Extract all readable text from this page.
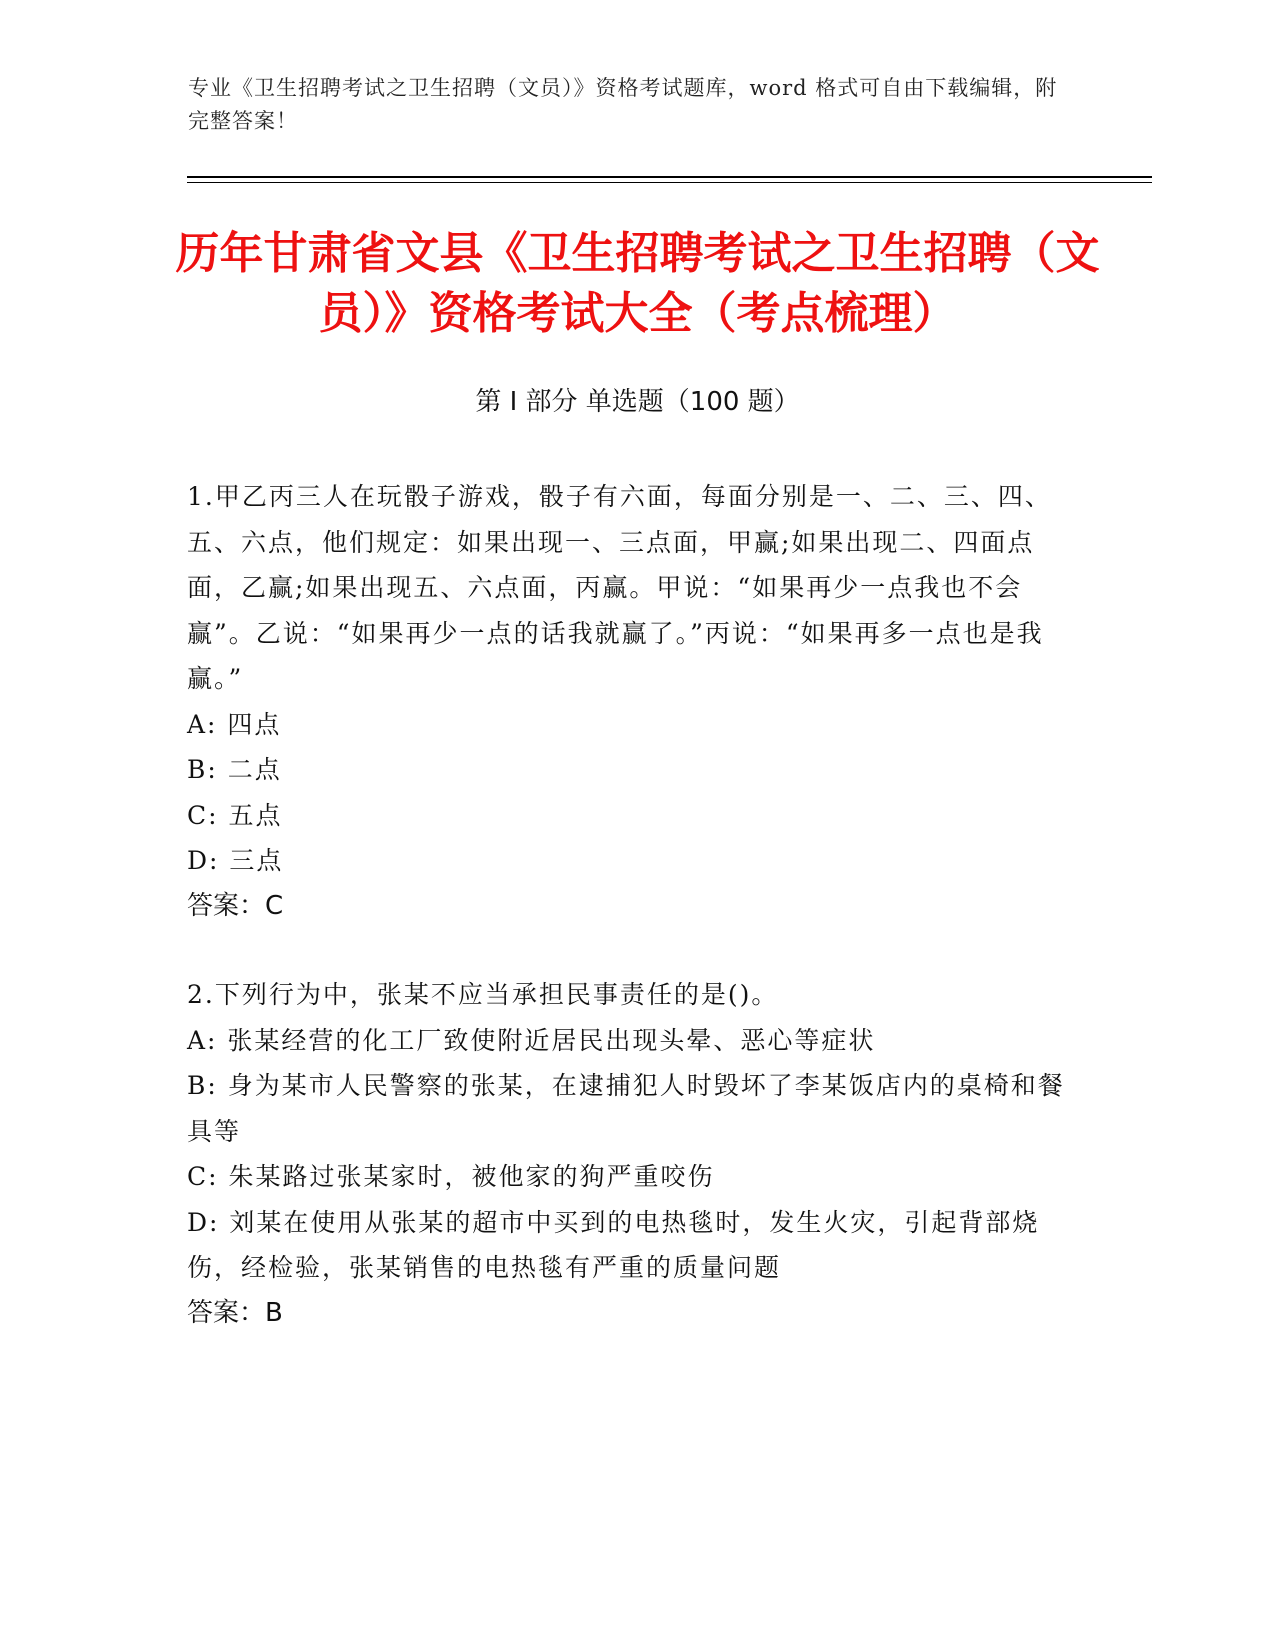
专业《卫生招聘考试之卫生招聘（文员）》资格考试题库，word 格式可自由下载编辑，附完整答案！
历年甘肃省文县《卫生招聘考试之卫生招聘（文员）》资格考试大全（考点梳理）
第 I 部分 单选题（100 题）
1.甲乙丙三人在玩骰子游戏，骰子有六面，每面分别是一、二、三、四、五、六点，他们规定：如果出现一、三点面，甲赢;如果出现二、四面点面，乙赢;如果出现五、六点面，丙赢。甲说：“如果再少一点我也不会赢”。乙说：“如果再少一点的话我就赢了。”丙说：“如果再多一点也是我赢。”
A: 四点
B: 二点
C: 五点
D: 三点
答案：C
2.下列行为中，张某不应当承担民事责任的是()。
A: 张某经营的化工厂致使附近居民出现头晕、恶心等症状
B: 身为某市人民警察的张某，在逮捕犯人时毁坏了李某饭店内的桌椅和餐具等
C: 朱某路过张某家时，被他家的狗严重咬伤
D: 刘某在使用从张某的超市中买到的电热毯时，发生火灾，引起背部烧伤，经检验，张某销售的电热毯有严重的质量问题
答案：B
